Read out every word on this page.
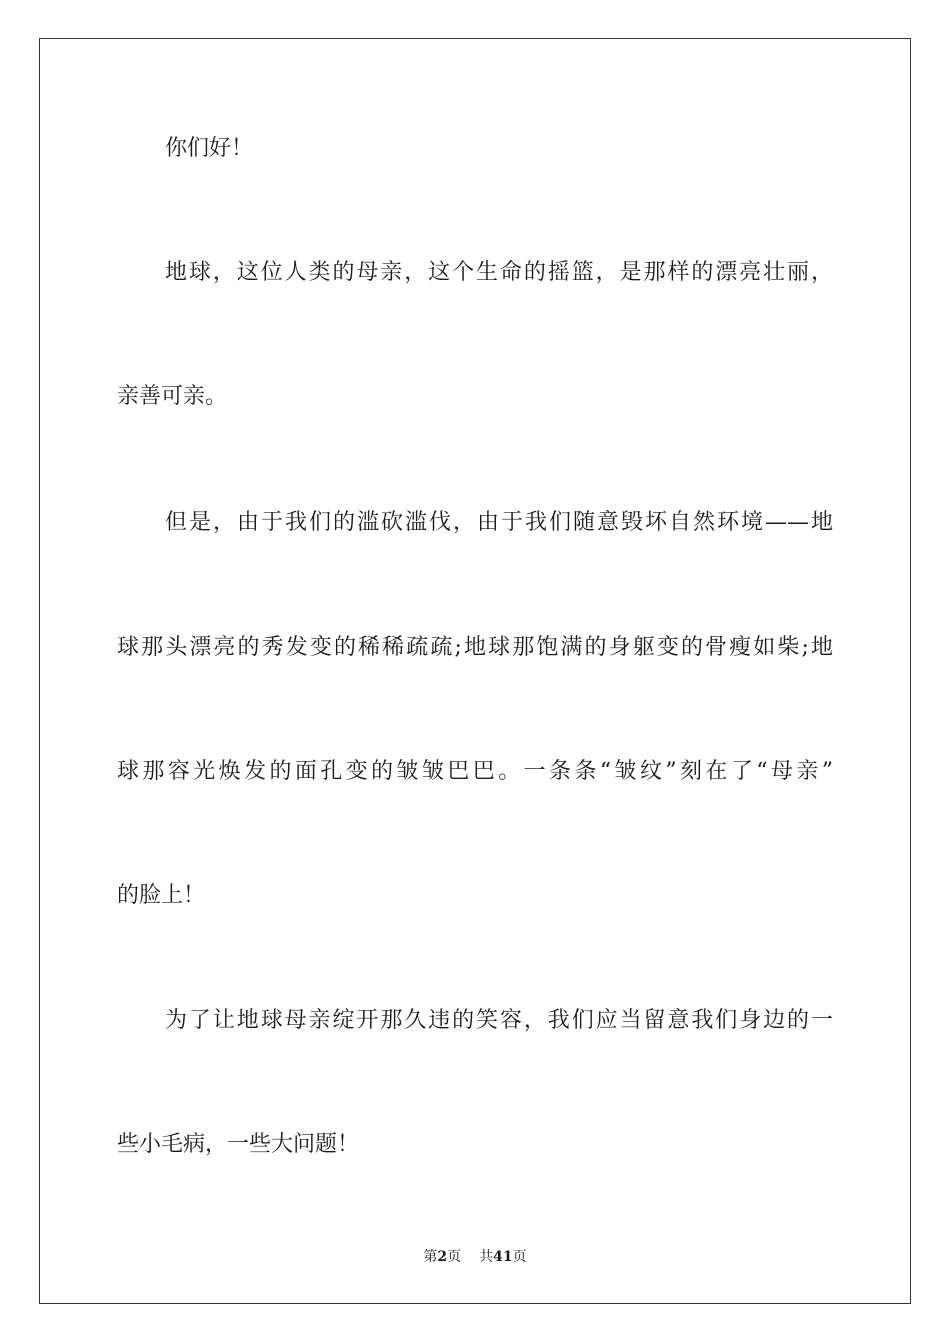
你们好！
地球，这位人类的母亲，这个生命的摇篮，是那样的漂亮壮丽，
亲善可亲。
但是，由于我们的滥砍滥伐，由于我们随意毁坏自然环境——地
球那头漂亮的秀发变的稀稀疏疏;地球那饱满的身躯变的骨瘦如柴;地
球那容光焕发的面孔变的皱皱巴巴。一条条“皱纹”刻在了“母亲”
的脸上！
为了让地球母亲绽开那久违的笑容，我们应当留意我们身边的一
些小毛病，一些大问题！
第2页 共41页
